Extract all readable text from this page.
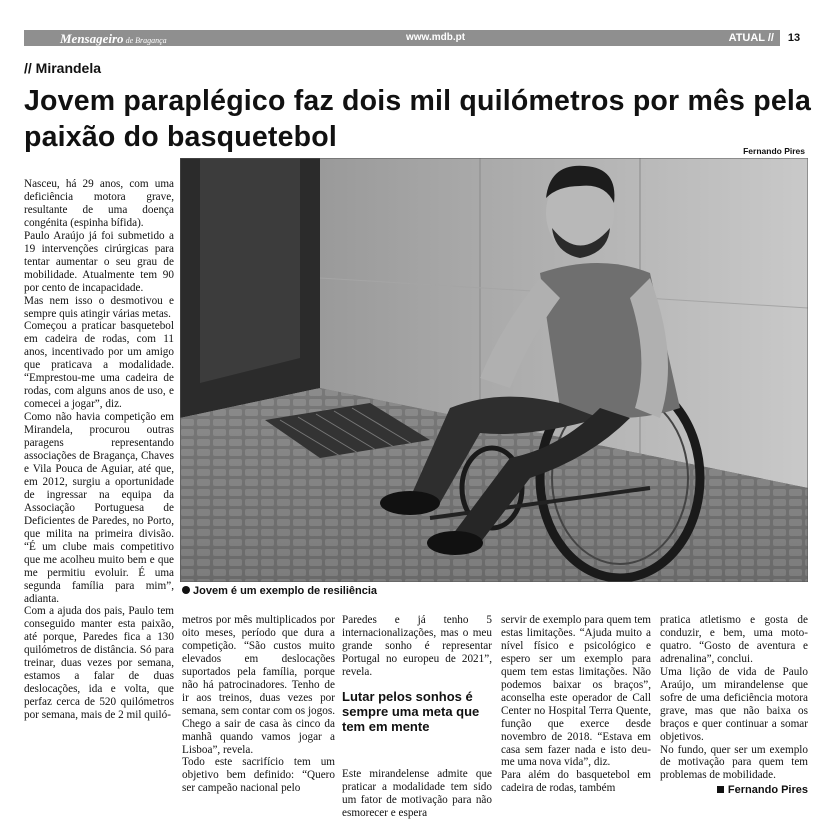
Mensageiro de Bragança	www.mdb.pt	ATUAL //	13
// Mirandela
Jovem paraplégico faz dois mil quilómetros por mês pela paixão do basquetebol	Fernando Pires
Jovem é um exemplo de resiliência

Nasceu, há 29 anos, com uma deficiência motora grave, resultante de uma doença congénita (espinha bífida).

Paulo Araújo já foi submetido a 19 intervenções cirúrgicas para tentar aumentar o seu grau de mobilidade. Atualmente tem 90 por cento de incapacidade.

Mas nem isso o desmotivou e sempre quis atingir várias metas.

Começou a praticar basquetebol em cadeira de rodas, com 11 anos, incentivado por um amigo que praticava a modalidade. “Emprestou-me uma cadeira de rodas, com alguns anos de uso, e comecei a jogar”, diz.

Como não havia competição em Mirandela, procurou outras paragens representando associações de Bragança, Chaves e Vila Pouca de Aguiar, até que, em 2012, surgiu a oportunidade de ingressar na equipa da Associação Portuguesa de Deficientes de Paredes, no Porto, que milita na primeira divisão. “É um clube mais competitivo que me acolheu muito bem e que me permitiu evoluir. É uma segunda família para mim”, adianta.

Com a ajuda dos pais, Paulo tem conseguido manter esta paixão, até porque, Paredes fica a 130 quilómetros de distância. Só para treinar, duas vezes por semana, estamos a falar de duas deslocações, ida e volta, que perfaz cerca de 520 quilómetros por semana, mais de 2 mil quiló-

metros por mês multiplicados por oito meses, período que dura a competição. “São custos muito elevados em deslocações suportados pela família, porque não há patrocinadores. Tenho de ir aos treinos, duas vezes por semana, sem contar com os jogos. Chego a sair de casa às cinco da manhã quando vamos jogar a Lisboa”, revela.

Todo este sacrifício tem um objetivo bem definido: “Quero ser campeão nacional pelo

Paredes e já tenho 5 internacionalizações, mas o meu grande sonho é representar Portugal no europeu de 2021”, revela.

Lutar pelos sonhos é sempre uma meta que tem em mente

Este mirandelense admite que praticar a modalidade tem sido um fator de motivação para não esmorecer e espera

servir de exemplo para quem tem estas limitações. “Ajuda muito a nível físico e psicológico e espero ser um exemplo para quem tem estas limitações. Não podemos baixar os braços”, aconselha este operador de Call Center no Hospital Terra Quente, função que exerce desde novembro de 2018. “Estava em casa sem fazer nada e isto deu-me uma nova vida”, diz.

Para além do basquetebol em cadeira de rodas, também

pratica atletismo e gosta de conduzir, e bem, uma moto-quatro. “Gosto de aventura e adrenalina”, conclui.

Uma lição de vida de Paulo Araújo, um mirandelense que sofre de uma deficiência motora grave, mas que não baixa os braços e quer continuar a somar objetivos.

No fundo, quer ser um exemplo de motivação para quem tem problemas de mobilidade.

Fernando Pires
